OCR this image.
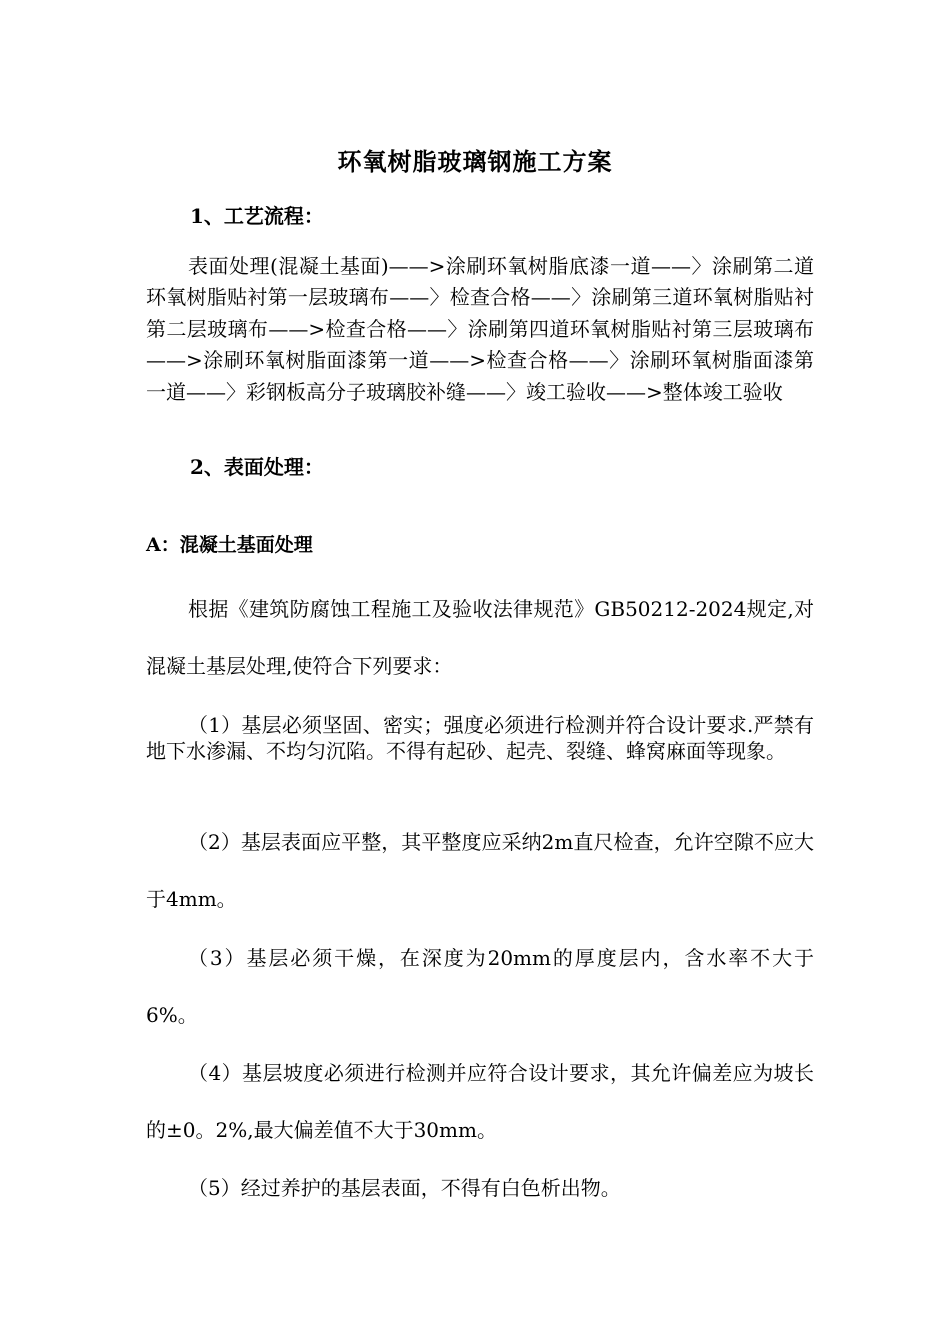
环氧树脂玻璃钢施工方案
1、工艺流程：
表面处理(混凝土基面)——>涂刷环氧树脂底漆一道——〉涂刷第二道环氧树脂贴衬第一层玻璃布——〉检查合格——〉涂刷第三道环氧树脂贴衬第二层玻璃布——>检查合格——〉涂刷第四道环氧树脂贴衬第三层玻璃布——>涂刷环氧树脂面漆第一道——>检查合格——〉涂刷环氧树脂面漆第一道——〉彩钢板高分子玻璃胶补缝——〉竣工验收——>整体竣工验收
2、表面处理：
A：混凝土基面处理
根据《建筑防腐蚀工程施工及验收法律规范》GB50212-2024规定,对混凝土基层处理,使符合下列要求：
（1）基层必须坚固、密实；强度必须进行检测并符合设计要求.严禁有地下水渗漏、不均匀沉陷。不得有起砂、起壳、裂缝、蜂窝麻面等现象。
（2）基层表面应平整，其平整度应采纳2m直尺检查，允许空隙不应大于4mm。
（3）基层必须干燥，在深度为20mm的厚度层内，含水率不大于6%。
（4）基层坡度必须进行检测并应符合设计要求，其允许偏差应为坡长的±0。2%,最大偏差值不大于30mm。
（5）经过养护的基层表面，不得有白色析出物。
